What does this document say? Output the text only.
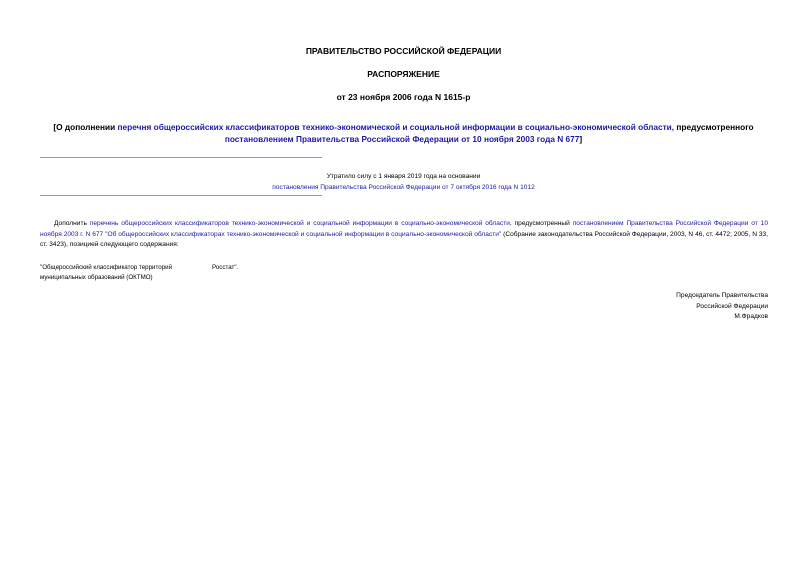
ПРАВИТЕЛЬСТВО РОССИЙСКОЙ ФЕДЕРАЦИИ
РАСПОРЯЖЕНИЕ
от 23 ноября 2006 года N 1615-р
[О дополнении перечня общероссийских классификаторов технико-экономической и социальной информации в социально-экономической области, предусмотренного постановлением Правительства Российской Федерации от 10 ноября 2003 года N 677]
Утратило силу с 1 января 2019 года на основании
постановления Правительства Российской Федерации от 7 октября 2016 года N 1012
Дополнить перечень общероссийских классификаторов технико-экономической и социальной информации в социально-экономической области, предусмотренный постановлением Правительства Российской Федерации от 10 ноября 2003 г. N 677 "Об общероссийских классификаторах технико-экономической и социальной информации в социально-экономической области" (Собрание законодательства Российской Федерации, 2003, N 46, ст. 4472; 2005, N 33, ст. 3423), позицией следующего содержания:
"Общероссийский классификатор территорий муниципальных образований (ОКТМО)
Росстат".
Председатель Правительства
Российской Федерации
М.Фрадков
